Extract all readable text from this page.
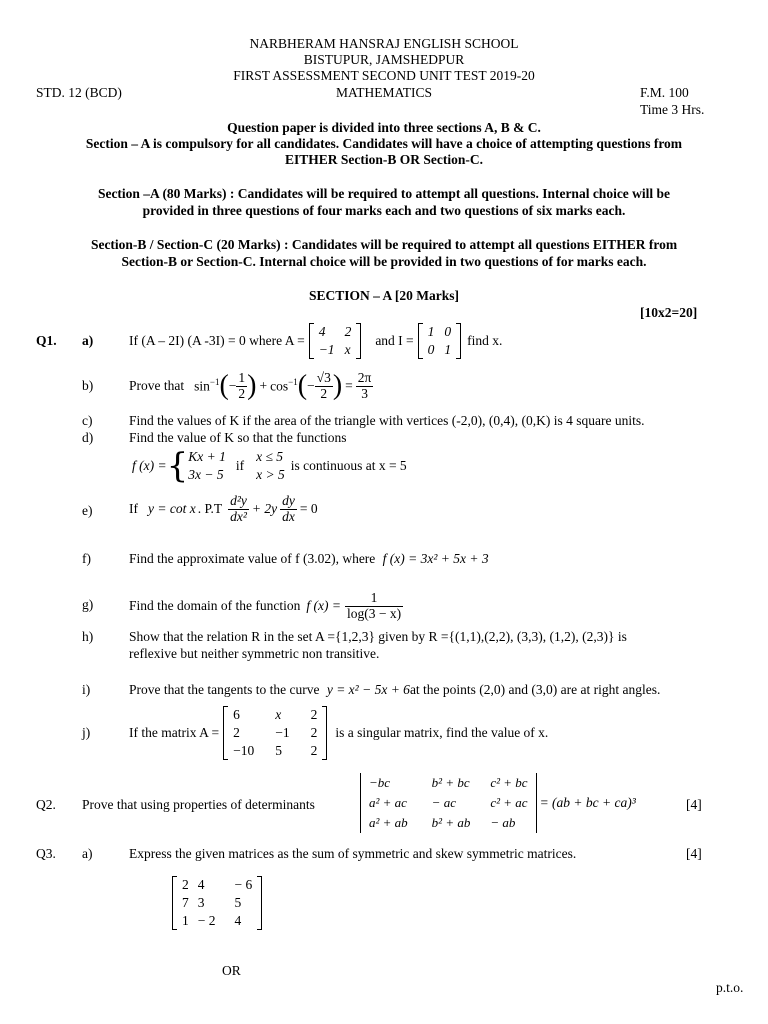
NARBHERAM HANSRAJ ENGLISH SCHOOL
BISTUPUR, JAMSHEDPUR
FIRST ASSESSMENT SECOND UNIT TEST 2019-20
STD. 12 (BCD)	MATHEMATICS	F.M. 100
Time 3 Hrs.
Question paper is divided into three sections A, B & C.
Section – A is compulsory for all candidates. Candidates will have a choice of attempting questions from
EITHER Section-B OR Section-C.
Section –A (80 Marks) : Candidates will be required to attempt all questions. Internal choice will be
provided in three questions of four marks each and two questions of six marks each.
Section-B / Section-C (20 Marks) : Candidates will be required to attempt all questions EITHER from
Section-B or Section-C. Internal choice will be provided in two questions of for marks each.
SECTION – A [20 Marks]
[10x2=20]
Q1. a)	If (A – 2I) (A -3I) = 0 where A =
4	2
−1	x
and I =
1	0
0	1
find x.
b)	Prove that $\sin^{-1}$ ( − $\frac{1}{2}$ ) + $\cos^{-1}$ ( − $\frac{√3}{2}$ ) = $\frac{2\pi}{3}$
c)	Find the values of K if the area of the triangle with vertices (-2,0), (0,4), (0,K) is 4 square units.
d)	Find the value of K so that the functions
f (x) = { Kx + 1
3x − 5
if
x ≤ 5
x > 5
is continuous at x = 5
e)	If y = cot x . $P.T \frac{\text{d²y}}{\text{dx²}} + 2y \frac{dy}{dx} = 0$
f)	Find the approximate value of f (3.02), where f (x) = 3x² + 5x + 3
g)	Find the domain of the function f $(x) = \frac{1}{\log(3 - x)}$
h)	Show that the relation R in the set A ={1,2,3} given by R ={(1,1),(2,2), (3,3), (1,2), (2,3)} is
reflexive but neither symmetric non transitive.
i)	Prove that the tangents to the curve y = x² − 5x + 6at the points (2,0) and (3,0) are at right angles.
j)	If the matrix A =
6	x	2
2	−1	2
−10	5	2
is a singular matrix, find the value of x.
Q2. Prove that using properties of determinants
−bc	b² + bc	c² + bc
a² + ac	− ac	c² + ac
a² + ab	b² + ab	− ab
= (ab + bc + ca)³	[4]
Q3. a)	Express the given matrices as the sum of symmetric and skew symmetric matrices.	[4]
2	4	− 6
7	3	5
1	− 2	4
OR
p.t.o.
